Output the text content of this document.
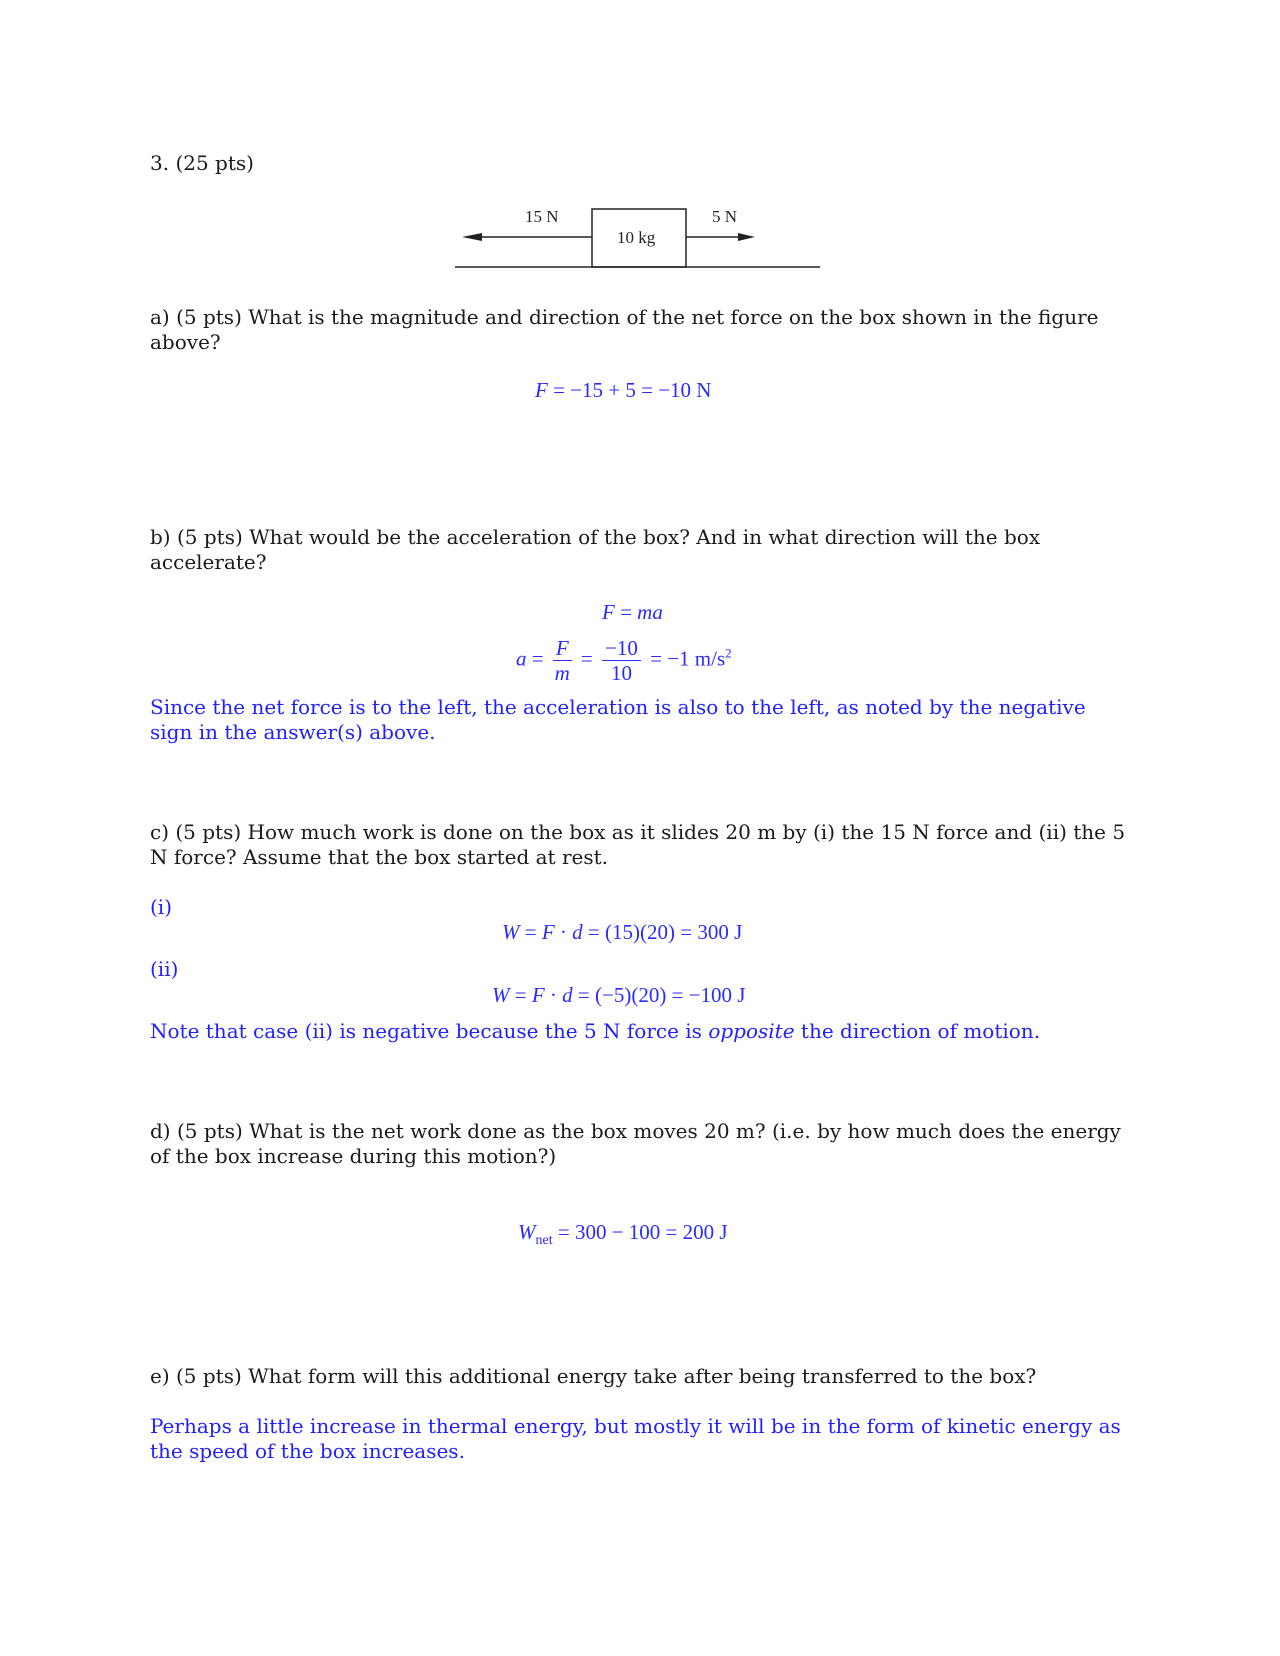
3. (25 pts)
15 N	5 N
10 kg
a) (5 pts) What is the magnitude and direction of the net force on the box shown in the figure above?
F = −15 + 5 = −10 N
b) (5 pts) What would be the acceleration of the box? And in what direction will the box accelerate?
F = ma
$a = \frac{F}{m} = \frac{-10}{10} = -1$ $m/s^2$
Since the net force is to the left, the acceleration is also to the left, as noted by the negative sign in the answer(s) above.
c) (5 pts) How much work is done on the box as it slides 20 m by (i) the 15 N force and (ii) the 5 N force? Assume that the box started at rest.
(i)
W = F · d = (15)(20) = 300 J
(ii)
W = F · d = (−5)(20) = −100 J
Note that case (ii) is negative because the 5 N force is opposite the direction of motion.
d) (5 pts) What is the net work done as the box moves 20 m? (i.e. by how much does the energy of the box increase during this motion?)
$W_{net} = 300 - 100 = 200$ J
e) (5 pts) What form will this additional energy take after being transferred to the box?
Perhaps a little increase in thermal energy, but mostly it will be in the form of kinetic energy as the speed of the box increases.
